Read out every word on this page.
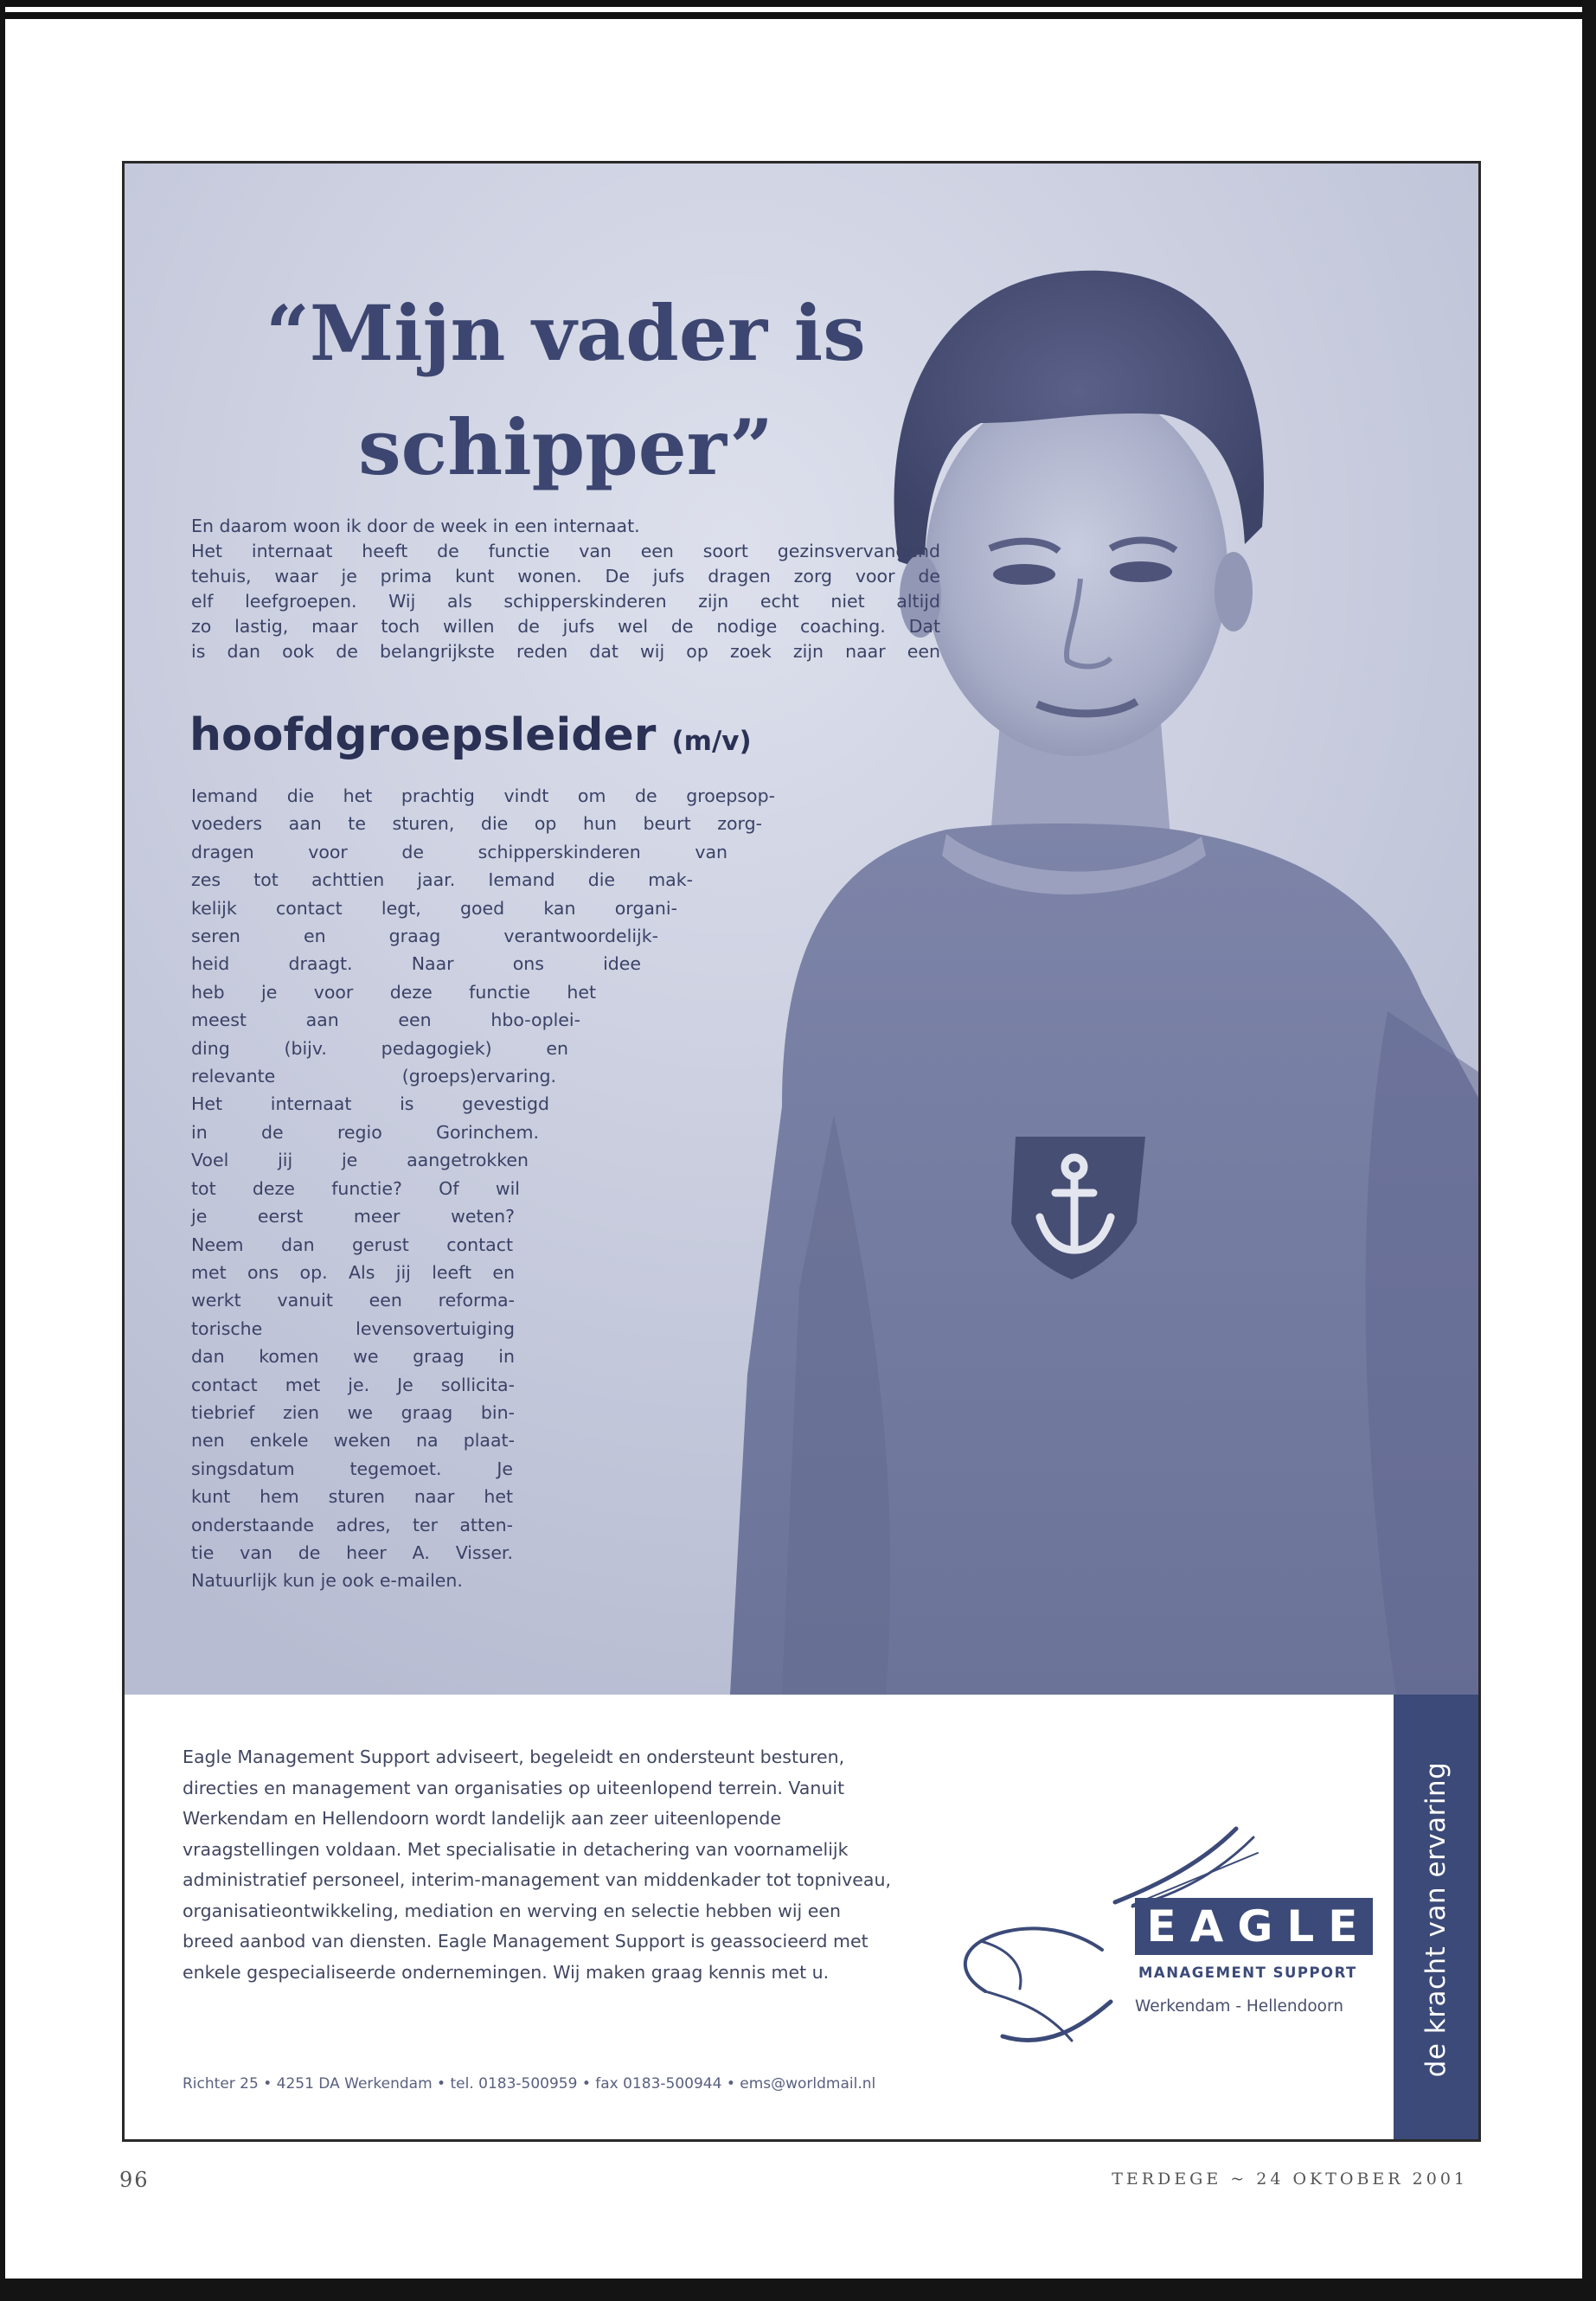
“Mijn vader is
schipper”
En daarom woon ik door de week in een internaat.
Het internaat heeft de functie van een soort gezinsvervangend
tehuis, waar je prima kunt wonen. De jufs dragen zorg voor de
elf leefgroepen. Wij als schipperskinderen zijn echt niet altijd
zo lastig, maar toch willen de jufs wel de nodige coaching. Dat
is dan ook de belangrijkste reden dat wij op zoek zijn naar een
hoofdgroepsleider (m/v)
Iemand die het prachtig vindt om de groepsop-
voeders aan te sturen, die op hun beurt zorg-
dragen voor de schipperskinderen van
zes tot achttien jaar. Iemand die mak-
kelijk contact legt, goed kan organi-
seren en graag verantwoordelijk-
heid draagt. Naar ons idee
heb je voor deze functie het
meest aan een hbo-oplei-
ding (bijv. pedagogiek) en
relevante (groeps)ervaring.
Het internaat is gevestigd
in de regio Gorinchem.
Voel jij je aangetrokken
tot deze functie? Of wil
je eerst meer weten?
Neem dan gerust contact
met ons op. Als jij leeft en
werkt vanuit een reforma-
torische levensovertuiging
dan komen we graag in
contact met je. Je sollicita-
tiebrief zien we graag bin-
nen enkele weken na plaat-
singsdatum tegemoet. Je
kunt hem sturen naar het
onderstaande adres, ter atten-
tie van de heer A. Visser.
Natuurlijk kun je ook e-mailen.
Eagle Management Support adviseert, begeleidt en ondersteunt besturen,
directies en management van organisaties op uiteenlopend terrein. Vanuit
Werkendam en Hellendoorn wordt landelijk aan zeer uiteenlopende
vraagstellingen voldaan. Met specialisatie in detachering van voornamelijk
administratief personeel, interim-management van middenkader tot topniveau,
organisatieontwikkeling, mediation en werving en selectie hebben wij een
breed aanbod van diensten. Eagle Management Support is geassocieerd met
enkele gespecialiseerde ondernemingen. Wij maken graag kennis met u.
EAGLE
MANAGEMENT SUPPORT
Werkendam - Hellendoorn
Richter 25 • 4251 DA Werkendam • tel. 0183-500959 • fax 0183-500944 • ems@worldmail.nl
de kracht van ervaring
96	TERDEGE ~ 24 OKTOBER 2001
